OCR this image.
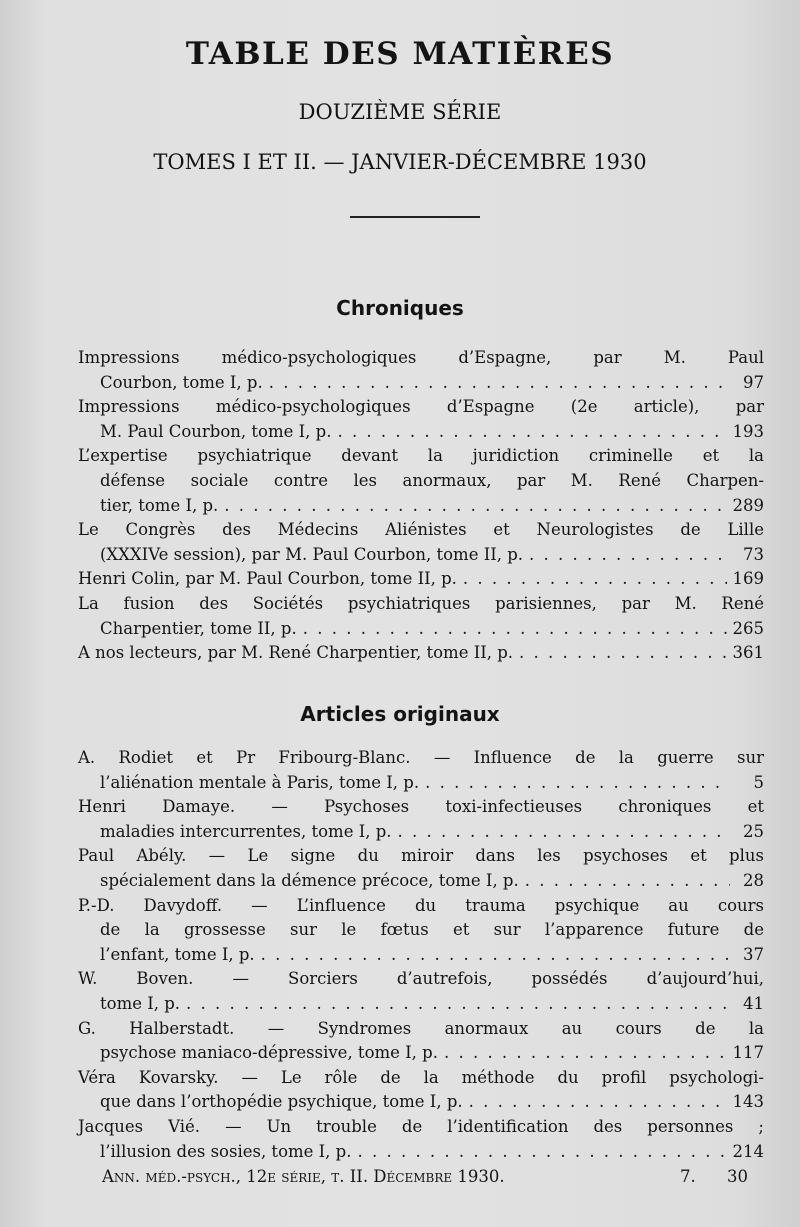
TABLE DES MATIÈRES
DOUZIÈME SÉRIE
TOMES I ET II. — JANVIER-DÉCEMBRE 1930
Chroniques
Impressions médico-psychologiques d’Espagne, par M. Paul
Courbon, tome I, p. . . .	97
Impressions médico-psychologiques d’Espagne (2e article), par
M. Paul Courbon, tome I, p. . . .	193
L’expertise psychiatrique devant la juridiction criminelle et la
défense sociale contre les anormaux, par M. René Charpen-
tier, tome I, p. . . .	289
Le Congrès des Médecins Aliénistes et Neurologistes de Lille
(XXXIVe session), par M. Paul Courbon, tome II, p. . . .	73
Henri Colin, par M. Paul Courbon, tome II, p. . . .	169
La fusion des Sociétés psychiatriques parisiennes, par M. René
Charpentier, tome II, p. . . .	265
A nos lecteurs, par M. René Charpentier, tome II, p. . . .	361
Articles originaux
A. Rodiet et Pr Fribourg-Blanc. — Influence de la guerre sur
l’aliénation mentale à Paris, tome I, p. . . .	5
Henri Damaye. — Psychoses toxi-infectieuses chroniques et
maladies intercurrentes, tome I, p. . . .	25
Paul Abély. — Le signe du miroir dans les psychoses et plus
spécialement dans la démence précoce, tome I, p. . . .	28
P.-D. Davydoff. — L’influence du trauma psychique au cours
de la grossesse sur le fœtus et sur l’apparence future de
l’enfant, tome I, p. . . .	37
W. Boven. — Sorciers d’autrefois, possédés d’aujourd’hui,
tome I, p. . . .	41
G. Halberstadt. — Syndromes anormaux au cours de la
psychose maniaco-dépressive, tome I, p. . . .	117
Véra Kovarsky. — Le rôle de la méthode du profil psychologi-
que dans l’orthopédie psychique, tome I, p. . . .	143
Jacques Vié. — Un trouble de l’identification des personnes ;
l’illusion des sosies, tome I, p. . . .	214
Ann. méd.-psych., 12e série, t. II. Décembre 1930.	7. 30
